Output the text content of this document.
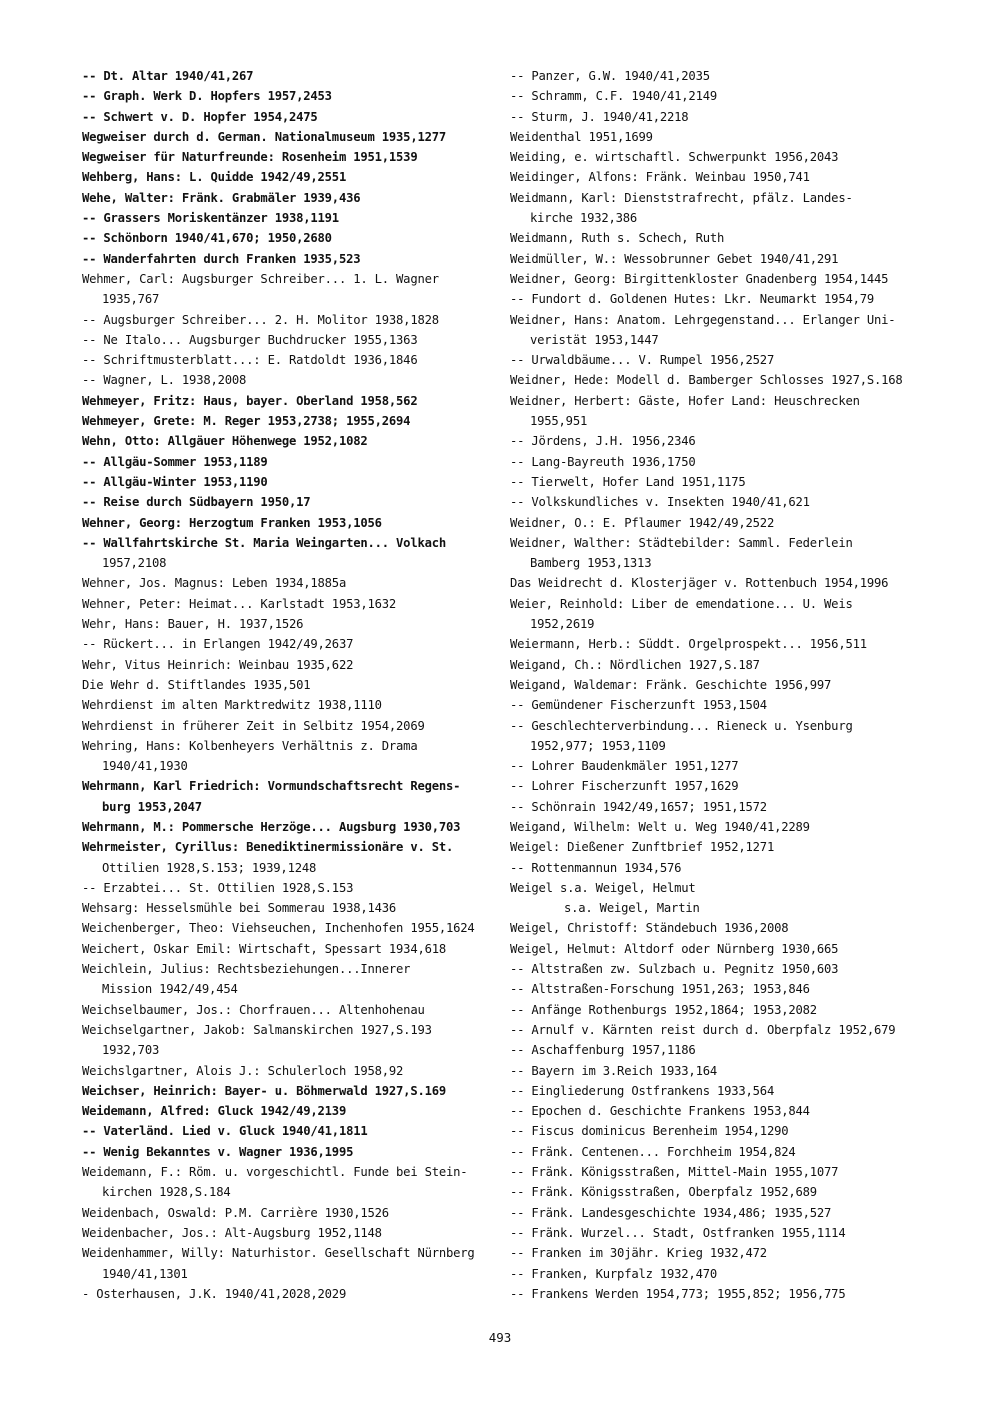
-- Dt. Altar 1940/41,267
-- Graph. Werk D. Hopfers 1957,2453
-- Schwert v. D. Hopfer 1954,2475
Wegweiser durch d. German. Nationalmuseum 1935,1277
Wegweiser für Naturfreunde: Rosenheim 1951,1539
Wehberg, Hans: L. Quidde 1942/49,2551
Wehe, Walter: Fränk. Grabmäler 1939,436
-- Grassers Moriskentänzer 1938,1191
-- Schönborn 1940/41,670; 1950,2680
-- Wanderfahrten durch Franken 1935,523
Wehmer, Carl: Augsburger Schreiber... 1. L. Wagner
1935,767
-- Augsburger Schreiber... 2. H. Molitor 1938,1828
-- Ne Italo... Augsburger Buchdrucker 1955,1363
-- Schriftmusterblatt...: E. Ratdoldt 1936,1846
-- Wagner, L. 1938,2008
Wehmeyer, Fritz: Haus, bayer. Oberland 1958,562
Wehmeyer, Grete: M. Reger 1953,2738; 1955,2694
Wehn, Otto: Allgäuer Höhenwege 1952,1082
-- Allgäu-Sommer 1953,1189
-- Allgäu-Winter 1953,1190
-- Reise durch Südbayern 1950,17
Wehner, Georg: Herzogtum Franken 1953,1056
-- Wallfahrtskirche St. Maria Weingarten... Volkach
1957,2108
Wehner, Jos. Magnus: Leben 1934,1885a
Wehner, Peter: Heimat... Karlstadt 1953,1632
Wehr, Hans: Bauer, H. 1937,1526
-- Rückert... in Erlangen 1942/49,2637
Wehr, Vitus Heinrich: Weinbau 1935,622
Die Wehr d. Stiftlandes 1935,501
Wehrdienst im alten Marktredwitz 1938,1110
Wehrdienst in früherer Zeit in Selbitz 1954,2069
Wehring, Hans: Kolbenheyers Verhältnis z. Drama
1940/41,1930
Wehrmann, Karl Friedrich: Vormundschaftsrecht Regens-
burg 1953,2047
Wehrmann, M.: Pommersche Herzöge... Augsburg 1930,703
Wehrmeister, Cyrillus: Benediktinermissionäre v. St.
Ottilien 1928,S.153; 1939,1248
-- Erzabtei... St. Ottilien 1928,S.153
Wehsarg: Hesselsmühle bei Sommerau 1938,1436
Weichenberger, Theo: Viehseuchen, Inchenhofen 1955,1624
Weichert, Oskar Emil: Wirtschaft, Spessart 1934,618
Weichlein, Julius: Rechtsbeziehungen...Innerer
Mission 1942/49,454
Weichselbaumer, Jos.: Chorfrauen... Altenhohenau
Weichselgartner, Jakob: Salmanskirchen 1927,S.193
1932,703
Weichslgartner, Alois J.: Schulerloch 1958,92
Weichser, Heinrich: Bayer- u. Böhmerwald 1927,S.169
Weidemann, Alfred: Gluck 1942/49,2139
-- Vaterländ. Lied v. Gluck 1940/41,1811
-- Wenig Bekanntes v. Wagner 1936,1995
Weidemann, F.: Röm. u. vorgeschichtl. Funde bei Stein-
kirchen 1928,S.184
Weidenbach, Oswald: P.M. Carrière 1930,1526
Weidenbacher, Jos.: Alt-Augsburg 1952,1148
Weidenhammer, Willy: Naturhistor. Gesellschaft Nürnberg
1940/41,1301
- Osterhausen, J.K. 1940/41,2028,2029
-- Panzer, G.W. 1940/41,2035
-- Schramm, C.F. 1940/41,2149
-- Sturm, J. 1940/41,2218
Weidenthal 1951,1699
Weiding, e. wirtschaftl. Schwerpunkt 1956,2043
Weidinger, Alfons: Fränk. Weinbau 1950,741
Weidmann, Karl: Dienststrafrecht, pfälz. Landes-
kirche 1932,386
Weidmann, Ruth s. Schech, Ruth
Weidmüller, W.: Wessobrunner Gebet 1940/41,291
Weidner, Georg: Birgittenkloster Gnadenberg 1954,1445
-- Fundort d. Goldenen Hutes: Lkr. Neumarkt 1954,79
Weidner, Hans: Anatom. Lehrgegenstand... Erlanger Uni-
veristät 1953,1447
-- Urwaldbäume... V. Rumpel 1956,2527
Weidner, Hede: Modell d. Bamberger Schlosses 1927,S.168
Weidner, Herbert: Gäste, Hofer Land: Heuschrecken
1955,951
-- Jördens, J.H. 1956,2346
-- Lang-Bayreuth 1936,1750
-- Tierwelt, Hofer Land 1951,1175
-- Volkskundliches v. Insekten 1940/41,621
Weidner, O.: E. Pflaumer 1942/49,2522
Weidner, Walther: Städtebilder: Samml. Federlein
Bamberg 1953,1313
Das Weidrecht d. Klosterjäger v. Rottenbuch 1954,1996
Weier, Reinhold: Liber de emendatione... U. Weis
1952,2619
Weiermann, Herb.: Süddt. Orgelprospekt... 1956,511
Weigand, Ch.: Nördlichen 1927,S.187
Weigand, Waldemar: Fränk. Geschichte 1956,997
-- Gemündener Fischerzunft 1953,1504
-- Geschlechterverbindung... Rieneck u. Ysenburg
1952,977; 1953,1109
-- Lohrer Baudenkmäler 1951,1277
-- Lohrer Fischerzunft 1957,1629
-- Schönrain 1942/49,1657; 1951,1572
Weigand, Wilhelm: Welt u. Weg 1940/41,2289
Weigel: Dießener Zunftbrief 1952,1271
-- Rottenmannun 1934,576
Weigel s.a. Weigel, Helmut
s.a. Weigel, Martin
Weigel, Christoff: Ständebuch 1936,2008
Weigel, Helmut: Altdorf oder Nürnberg 1930,665
-- Altstraßen zw. Sulzbach u. Pegnitz 1950,603
-- Altstraßen-Forschung 1951,263; 1953,846
-- Anfänge Rothenburgs 1952,1864; 1953,2082
-- Arnulf v. Kärnten reist durch d. Oberpfalz 1952,679
-- Aschaffenburg 1957,1186
-- Bayern im 3.Reich 1933,164
-- Eingliederung Ostfrankens 1933,564
-- Epochen d. Geschichte Frankens 1953,844
-- Fiscus dominicus Berenheim 1954,1290
-- Fränk. Centenen... Forchheim 1954,824
-- Fränk. Königsstraßen, Mittel-Main 1955,1077
-- Fränk. Königsstraßen, Oberpfalz 1952,689
-- Fränk. Landesgeschichte 1934,486; 1935,527
-- Fränk. Wurzel... Stadt, Ostfranken 1955,1114
-- Franken im 30jähr. Krieg 1932,472
-- Franken, Kurpfalz 1932,470
-- Frankens Werden 1954,773; 1955,852; 1956,775
493
